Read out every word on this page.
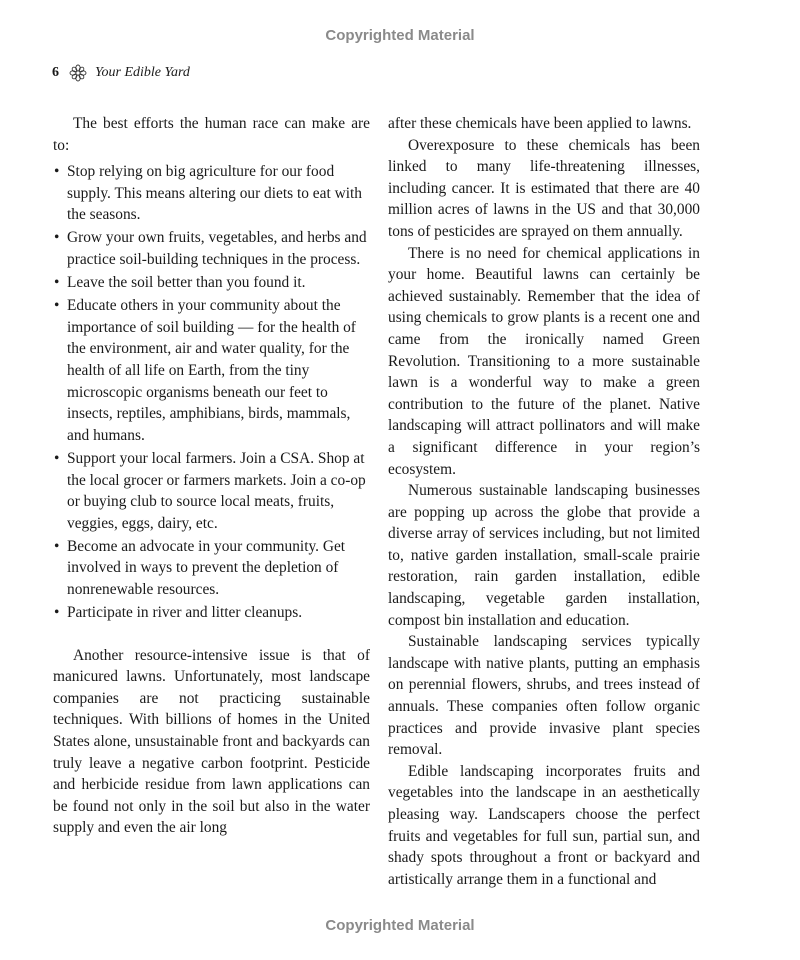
Copyrighted Material
6	Your Edible Yard

The best efforts the human race can make are to:

• Stop relying on big agriculture for our food supply. This means altering our diets to eat with the seasons.
• Grow your own fruits, vegetables, and herbs and practice soil-building techniques in the process.
• Leave the soil better than you found it.
• Educate others in your community about the importance of soil building — for the health of the environment, air and water quality, for the health of all life on Earth, from the tiny microscopic organisms beneath our feet to insects, reptiles, amphibians, birds, mammals, and humans.
• Support your local farmers. Join a CSA. Shop at the local grocer or farmers markets. Join a co-op or buying club to source local meats, fruits, veggies, eggs, dairy, etc.
• Become an advocate in your community. Get involved in ways to prevent the depletion of nonrenewable resources.
• Participate in river and litter cleanups.

Another resource-intensive issue is that of manicured lawns. Unfortunately, most landscape companies are not practicing sustainable techniques. With billions of homes in the United States alone, unsustainable front and backyards can truly leave a negative carbon footprint. Pesticide and herbicide residue from lawn applications can be found not only in the soil but also in the water supply and even the air long

after these chemicals have been applied to lawns.

Overexposure to these chemicals has been linked to many life-threatening illnesses, including cancer. It is estimated that there are 40 million acres of lawns in the US and that 30,000 tons of pesticides are sprayed on them annually.

There is no need for chemical applications in your home. Beautiful lawns can certainly be achieved sustainably. Remember that the idea of using chemicals to grow plants is a recent one and came from the ironically named Green Revolution. Transitioning to a more sustainable lawn is a wonderful way to make a green contribution to the future of the planet. Native landscaping will attract pollinators and will make a significant difference in your region’s ecosystem.

Numerous sustainable landscaping businesses are popping up across the globe that provide a diverse array of services including, but not limited to, native garden installation, small-scale prairie restoration, rain garden installation, edible landscaping, vegetable garden installation, compost bin installation and education.

Sustainable landscaping services typically landscape with native plants, putting an emphasis on perennial flowers, shrubs, and trees instead of annuals. These companies often follow organic practices and provide invasive plant species removal.

Edible landscaping incorporates fruits and vegetables into the landscape in an aesthetically pleasing way. Landscapers choose the perfect fruits and vegetables for full sun, partial sun, and shady spots throughout a front or backyard and artistically arrange them in a functional and

Copyrighted Material
